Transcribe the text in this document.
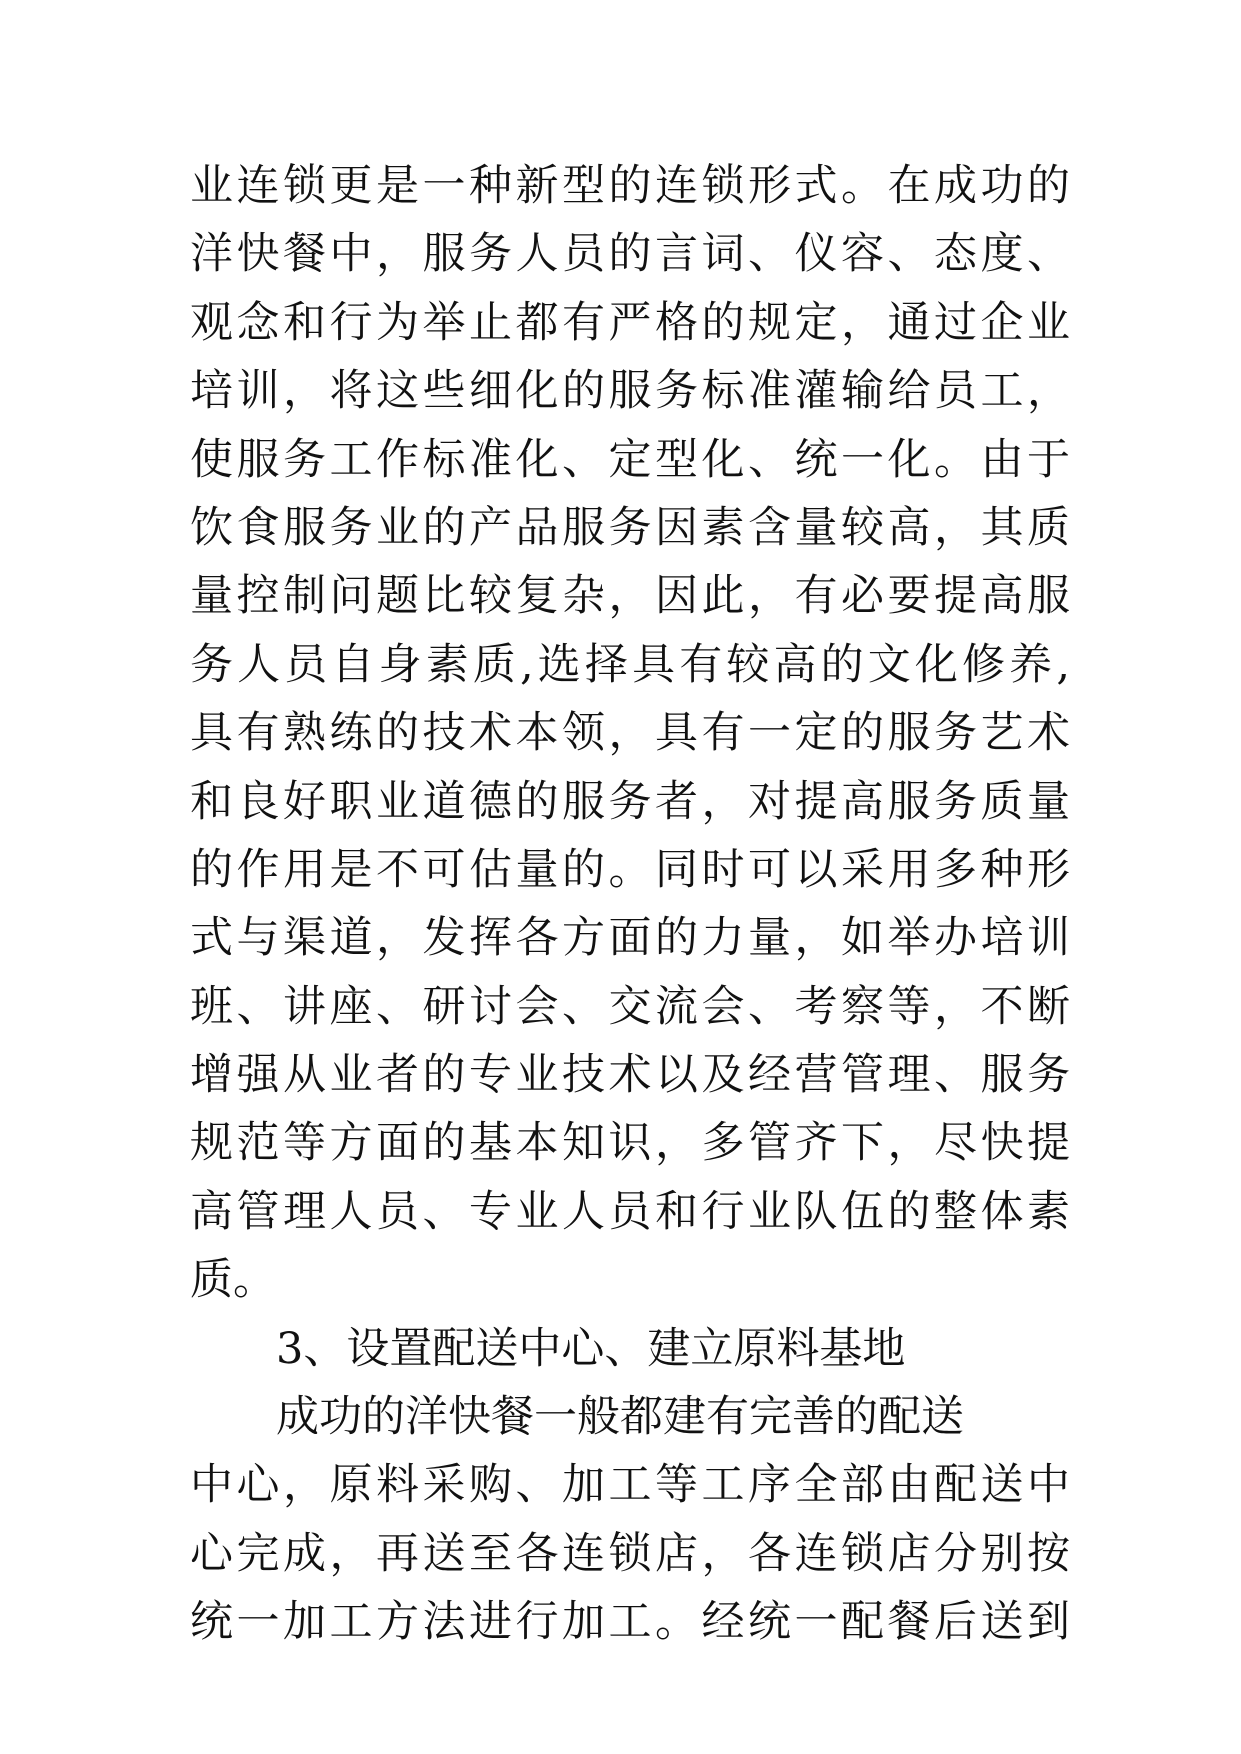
业连锁更是一种新型的连锁形式。在成功的
洋快餐中，服务人员的言词、仪容、态度、
观念和行为举止都有严格的规定，通过企业
培训，将这些细化的服务标准灌输给员工，
使服务工作标准化、定型化、统一化。由于
饮食服务业的产品服务因素含量较高，其质
量控制问题比较复杂，因此，有必要提高服
务人员自身素质,选择具有较高的文化修养,
具有熟练的技术本领，具有一定的服务艺术
和良好职业道德的服务者，对提高服务质量
的作用是不可估量的。同时可以采用多种形
式与渠道，发挥各方面的力量，如举办培训
班、讲座、研讨会、交流会、考察等，不断
增强从业者的专业技术以及经营管理、服务
规范等方面的基本知识，多管齐下，尽快提
高管理人员、专业人员和行业队伍的整体素
质。
3、设置配送中心、建立原料基地
成功的洋快餐一般都建有完善的配送
中心，原料采购、加工等工序全部由配送中
心完成，再送至各连锁店，各连锁店分别按
统一加工方法进行加工。经统一配餐后送到
